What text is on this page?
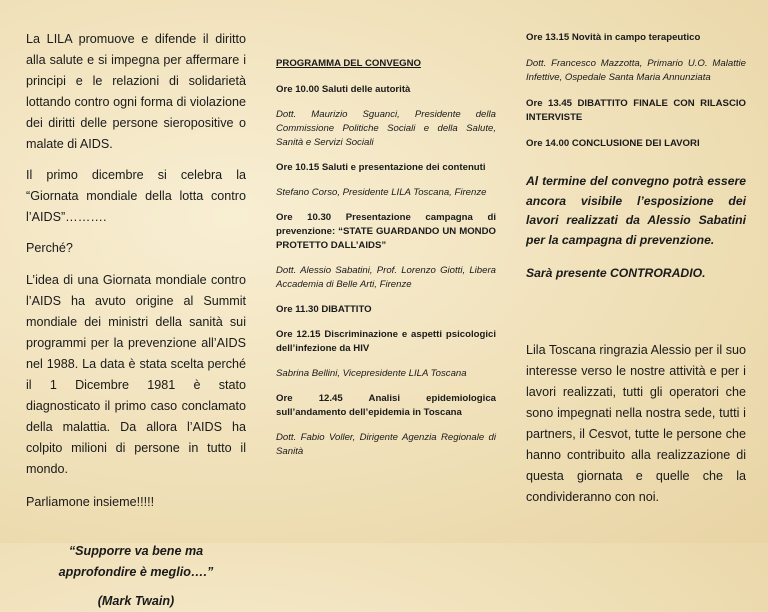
La LILA promuove e difende il diritto alla salute e si impegna per affermare i principi e le relazioni di solidarietà lottando contro ogni forma di violazione dei diritti delle persone sieropositive o malate di AIDS.

Il primo dicembre si celebra la “Giornata mondiale della lotta contro l’AIDS”……….

Perché?

L’idea di una Giornata mondiale contro l’AIDS ha avuto origine al Summit mondiale dei ministri della sanità sui programmi per la prevenzione all’AIDS nel 1988. La data è stata scelta perché il 1 Dicembre 1981 è stato diagnosticato il primo caso conclamato della malattia. Da allora l’AIDS ha colpito milioni di persone in tutto il mondo.

Parliamone insieme!!!!!

“Supporre va bene ma approfondire è meglio….”

(Mark Twain)

PROGRAMMA DEL CONVEGNO

Ore 10.00 Saluti delle autorità

Dott. Maurizio Sguanci, Presidente della Commissione Politiche Sociali e della Salute, Sanità e Servizi Sociali

Ore 10.15 Saluti e presentazione dei contenuti

Stefano Corso, Presidente LILA Toscana, Firenze

Ore 10.30 Presentazione campagna di prevenzione: “STATE GUARDANDO UN MONDO PROTETTO DALL’AIDS”

Dott. Alessio Sabatini, Prof. Lorenzo Giotti, Libera Accademia di Belle Arti, Firenze

Ore 11.30 DIBATTITO

Ore 12.15 Discriminazione e aspetti psicologici dell’infezione da HIV

Sabrina Bellini, Vicepresidente LILA Toscana

Ore 12.45 Analisi epidemiologica sull’andamento dell’epidemia in Toscana

Dott. Fabio Voller, Dirigente Agenzia Regionale di Sanità

Ore 13.15 Novità in campo terapeutico

Dott. Francesco Mazzotta, Primario U.O. Malattie Infettive, Ospedale Santa Maria Annunziata

Ore 13.45 DIBATTITO FINALE CON RILASCIO INTERVISTE

Ore 14.00 CONCLUSIONE DEI LAVORI

Al termine del convegno potrà essere ancora visibile l’esposizione dei lavori realizzati da Alessio Sabatini per la campagna di prevenzione.

Sarà presente CONTRORADIO.

Lila Toscana ringrazia Alessio per il suo interesse verso le nostre attività e per i lavori realizzati, tutti gli operatori che sono impegnati nella nostra sede, tutti i partners, il Cesvot, tutte le persone che hanno contribuito alla realizzazione di questa giornata e quelle che la condivideranno con noi.
